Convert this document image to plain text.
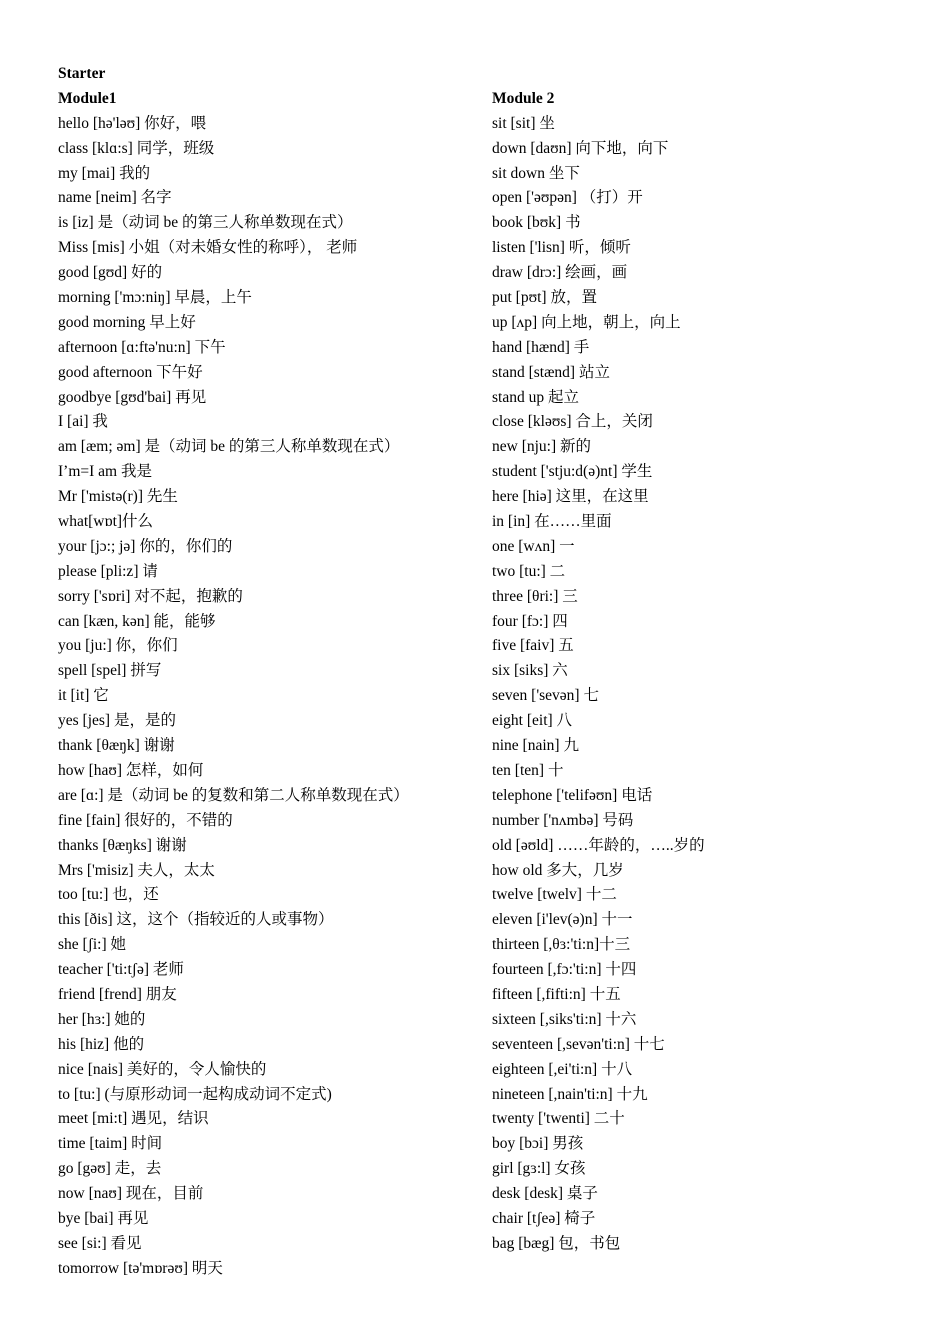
Starter
Module1
hello [hə'ləʊ] 你好，喂
class [klɑ:s] 同学，班级
my [mai] 我的
name [neim] 名字
is [iz] 是（动词 be 的第三人称单数现在式）
Miss [mis] 小姐（对未婚女性的称呼）， 老师
good [gʊd] 好的
morning ['mɔ:niŋ] 早晨，上午
good morning 早上好
afternoon [ɑ:ftə'nu:n] 下午
good afternoon 下午好
goodbye [gʊd'bai] 再见
I [ai] 我
am [æm; əm] 是（动词 be 的第三人称单数现在式）
I’m=I am 我是
Mr ['mistə(r)] 先生
what[wɒt]什么
your [jɔ:; jə] 你的，你们的
please [pli:z] 请
sorry ['sɒri] 对不起，抱歉的
can [kæn, kən] 能，能够
you [ju:] 你，你们
spell [spel] 拼写
it [it] 它
yes [jes] 是，是的
thank [θæŋk] 谢谢
how [haʊ] 怎样，如何
are [ɑ:] 是（动词 be 的复数和第二人称单数现在式）
fine [fain] 很好的，不错的
thanks [θæŋks] 谢谢
Mrs ['misiz] 夫人，太太
too [tu:] 也，还
this [ðis] 这，这个（指较近的人或事物）
she [ʃi:] 她
teacher ['ti:tʃə] 老师
friend [frend] 朋友
her [hɜ:] 她的
his [hiz] 他的
nice [nais] 美好的，令人愉快的
to [tu:] (与原形动词一起构成动词不定式)
meet [mi:t] 遇见，结识
time [taim] 时间
go [gəʊ] 走，去
now [naʊ] 现在，目前
bye [bai] 再见
see [si:] 看见
tomorrow [tə'mɒrəʊ] 明天
Module 2
sit [sit] 坐
down [daʊn] 向下地，向下
sit down 坐下
open ['əʊpən] （打）开
book [bʊk] 书
listen ['lisn] 听，倾听
draw [drɔ:] 绘画，画
put [pʊt] 放，置
up [ʌp] 向上地，朝上，向上
hand [hænd] 手
stand [stænd] 站立
stand up 起立
close [kləʊs] 合上，关闭
new [nju:] 新的
student ['stju:d(ə)nt] 学生
here [hiə] 这里，在这里
in [in] 在……里面
one [wʌn] 一
two [tu:] 二
three [θri:] 三
four [fɔ:] 四
five [faiv] 五
six [siks] 六
seven ['sevən] 七
eight [eit] 八
nine [nain] 九
ten [ten] 十
telephone ['telifəʊn] 电话
number ['nʌmbə] 号码
old [əʊld] ……年龄的，…..岁的
how old 多大，几岁
twelve [twelv] 十二
eleven [i'lev(ə)n] 十一
thirteen [,θɜ:'ti:n]十三
fourteen [,fɔ:'ti:n] 十四
fifteen [,fifti:n] 十五
sixteen [,siks'ti:n] 十六
seventeen [,sevən'ti:n] 十七
eighteen [,ei'ti:n] 十八
nineteen [,nain'ti:n] 十九
twenty ['twenti] 二十
boy [bɔi] 男孩
girl [gɜ:l] 女孩
desk [desk] 桌子
chair [tʃeə] 椅子
bag [bæg] 包，书包
